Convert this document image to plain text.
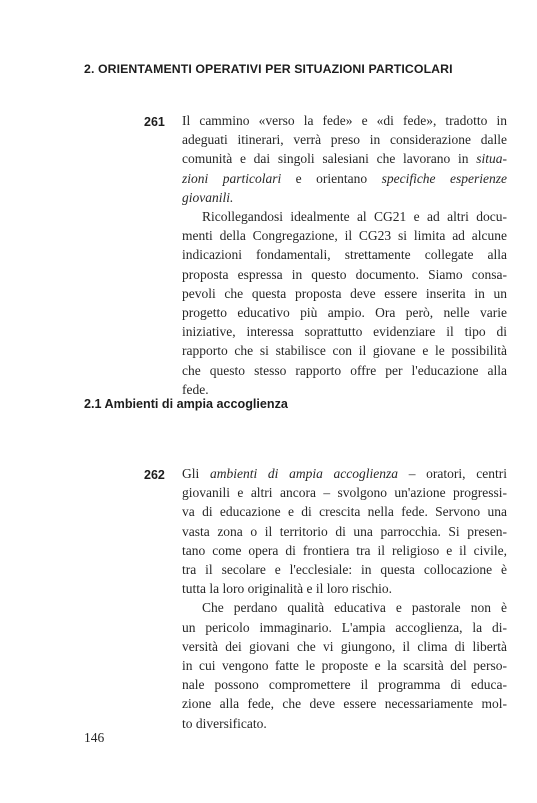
2. ORIENTAMENTI OPERATIVI PER SITUAZIONI PARTICOLARI
261 Il cammino «verso la fede» e «di fede», tradotto in
adeguati itinerari, verrà preso in considerazione dalle
comunità e dai singoli salesiani che lavorano in situa-
zioni particolari e orientano specifiche esperienze
giovanili.
Ricollegandosi idealmente al CG21 e ad altri docu-
menti della Congregazione, il CG23 si limita ad alcune
indicazioni fondamentali, strettamente collegate alla
proposta espressa in questo documento. Siamo consa-
pevoli che questa proposta deve essere inserita in un
progetto educativo più ampio. Ora però, nelle varie
iniziative, interessa soprattutto evidenziare il tipo di
rapporto che si stabilisce con il giovane e le possibilità
che questo stesso rapporto offre per l'educazione alla
fede.
2.1 Ambienti di ampia accoglienza
262 Gli ambienti di ampia accoglienza – oratori, centri
giovanili e altri ancora – svolgono un'azione progressi-
va di educazione e di crescita nella fede. Servono una
vasta zona o il territorio di una parrocchia. Si presen-
tano come opera di frontiera tra il religioso e il civile,
tra il secolare e l'ecclesiale: in questa collocazione è
tutta la loro originalità e il loro rischio.
Che perdano qualità educativa e pastorale non è
un pericolo immaginario. L'ampia accoglienza, la di-
versità dei giovani che vi giungono, il clima di libertà
in cui vengono fatte le proposte e la scarsità del perso-
nale possono compromettere il programma di educa-
zione alla fede, che deve essere necessariamente mol-
to diversificato.
146
